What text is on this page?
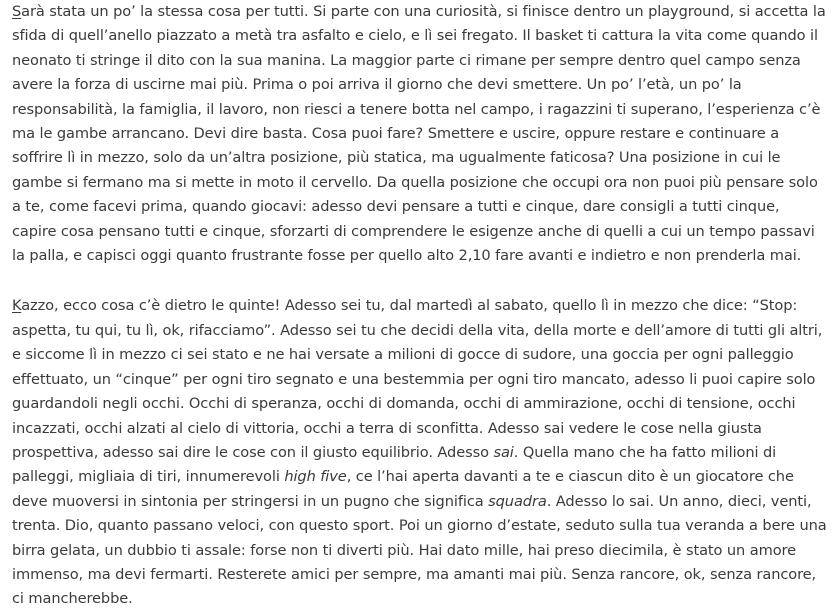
Sarà stata un po’ la stessa cosa per tutti. Si parte con una curiosità, si finisce dentro un playground, si accetta la sfida di quell’anello piazzato a metà tra asfalto e cielo, e lì sei fregato. Il basket ti cattura la vita come quando il neonato ti stringe il dito con la sua manina. La maggior parte ci rimane per sempre dentro quel campo senza avere la forza di uscirne mai più. Prima o poi arriva il giorno che devi smettere. Un po’ l’età, un po’ la responsabilità, la famiglia, il lavoro, non riesci a tenere botta nel campo, i ragazzini ti superano, l’esperienza c’è ma le gambe arrancano. Devi dire basta. Cosa puoi fare? Smettere e uscire, oppure restare e continuare a soffrire lì in mezzo, solo da un’altra posizione, più statica, ma ugualmente faticosa? Una posizione in cui le gambe si fermano ma si mette in moto il cervello. Da quella posizione che occupi ora non puoi più pensare solo a te, come facevi prima, quando giocavi: adesso devi pensare a tutti e cinque, dare consigli a tutti cinque, capire cosa pensano tutti e cinque, sforzarti di comprendere le esigenze anche di quelli a cui un tempo passavi la palla, e capisci oggi quanto frustrante fosse per quello alto 2,10 fare avanti e indietro e non prenderla mai.

Kazzo, ecco cosa c’è dietro le quinte! Adesso sei tu, dal martedì al sabato, quello lì in mezzo che dice: “Stop: aspetta, tu qui, tu lì, ok, rifacciamo”. Adesso sei tu che decidi della vita, della morte e dell’amore di tutti gli altri, e siccome lì in mezzo ci sei stato e ne hai versate a milioni di gocce di sudore, una goccia per ogni palleggio effettuato, un “cinque” per ogni tiro segnato e una bestemmia per ogni tiro mancato, adesso li puoi capire solo guardandoli negli occhi. Occhi di speranza, occhi di domanda, occhi di ammirazione, occhi di tensione, occhi incazzati, occhi alzati al cielo di vittoria, occhi a terra di sconfitta. Adesso sai vedere le cose nella giusta prospettiva, adesso sai dire le cose con il giusto equilibrio. Adesso sai. Quella mano che ha fatto milioni di palleggi, migliaia di tiri, innumerevoli high five, ce l’hai aperta davanti a te e ciascun dito è un giocatore che deve muoversi in sintonia per stringersi in un pugno che significa squadra. Adesso lo sai. Un anno, dieci, venti, trenta. Dio, quanto passano veloci, con questo sport. Poi un giorno d’estate, seduto sulla tua veranda a bere una birra gelata, un dubbio ti assale: forse non ti diverti più. Hai dato mille, hai preso diecimila, è stato un amore immenso, ma devi fermarti. Resterete amici per sempre, ma amanti mai più. Senza rancore, ok, senza rancore, ci mancherebbe.
